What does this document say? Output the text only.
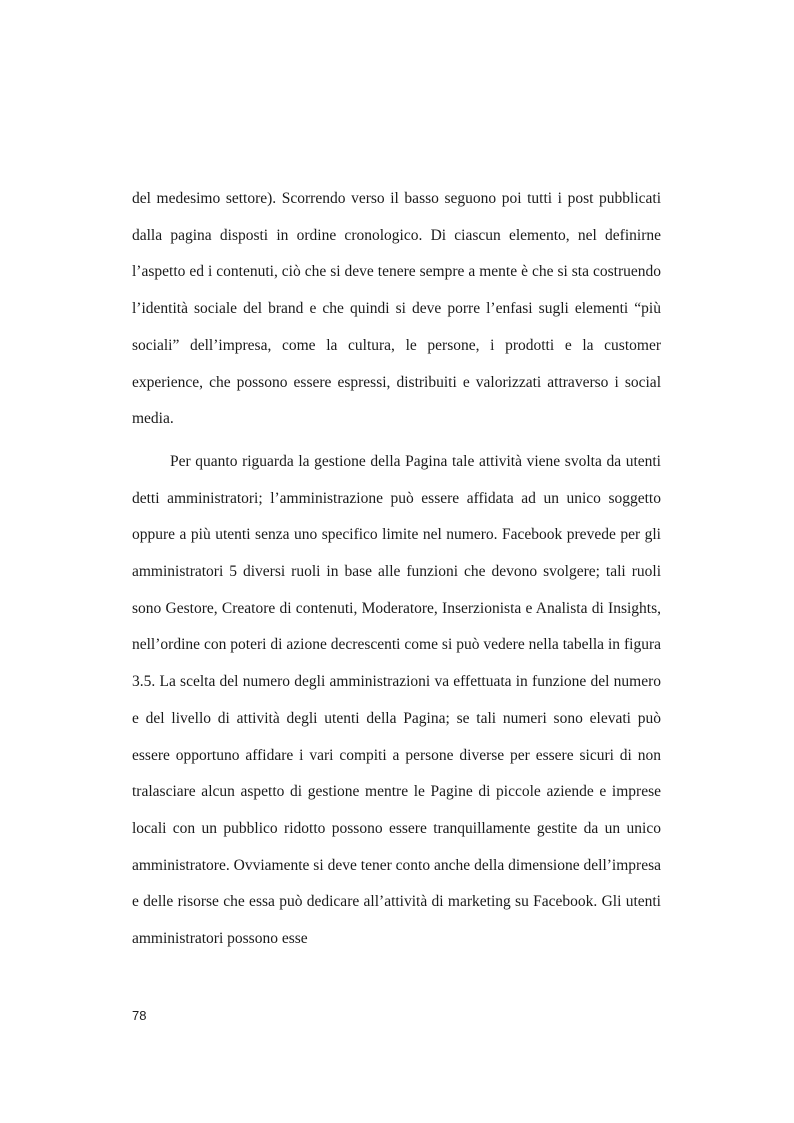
del medesimo settore). Scorrendo verso il basso seguono poi tutti i post pubblicati dalla pagina disposti in ordine cronologico. Di ciascun elemento, nel definirne l’aspetto ed i contenuti, ciò che si deve tenere sempre a mente è che si sta costruendo l’identità sociale del brand e che quindi si deve porre l’enfasi sugli elementi “più sociali” dell’impresa, come la cultura, le persone, i prodotti e la customer experience, che possono essere espressi, distribuiti e valorizzati attraverso i social media.

Per quanto riguarda la gestione della Pagina tale attività viene svolta da utenti detti amministratori; l’amministrazione può essere affidata ad un unico soggetto oppure a più utenti senza uno specifico limite nel numero. Facebook prevede per gli amministratori 5 diversi ruoli in base alle funzioni che devono svolgere; tali ruoli sono Gestore, Creatore di contenuti, Moderatore, Inserzionista e Analista di Insights, nell’ordine con poteri di azione decrescenti come si può vedere nella tabella in figura 3.5. La scelta del numero degli amministrazioni va effettuata in funzione del numero e del livello di attività degli utenti della Pagina; se tali numeri sono elevati può essere opportuno affidare i vari compiti a persone diverse per essere sicuri di non tralasciare alcun aspetto di gestione mentre le Pagine di piccole aziende e imprese locali con un pubblico ridotto possono essere tranquillamente gestite da un unico amministratore. Ovviamente si deve tener conto anche della dimensione dell’impresa e delle risorse che essa può dedicare all’attività di marketing su Facebook. Gli utenti amministratori possono esse

78
